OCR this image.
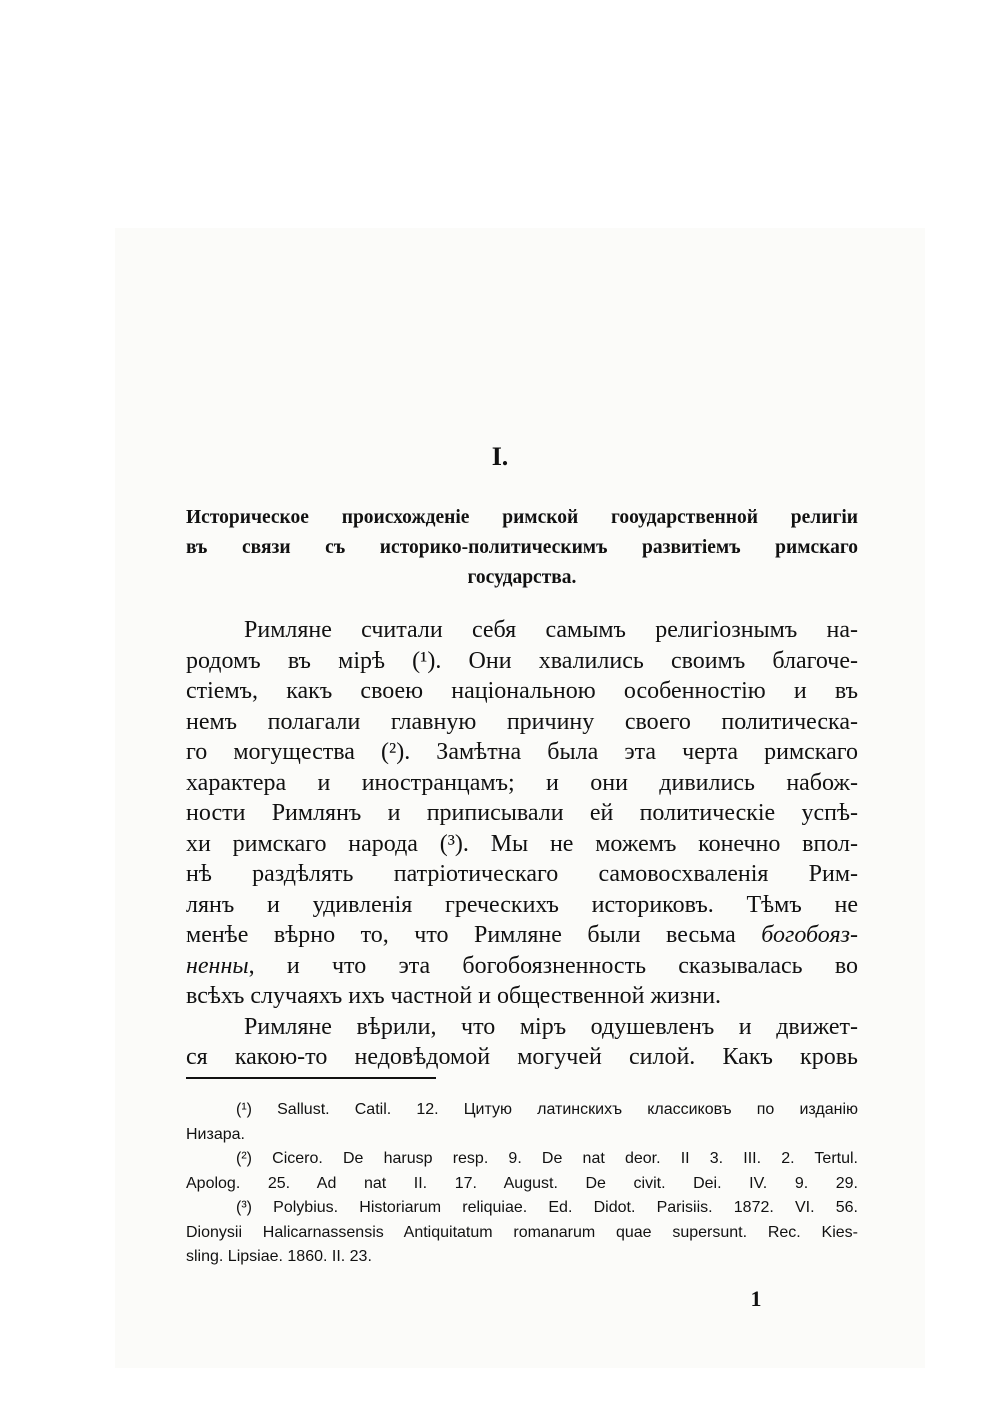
I.
Историческое происхожденіе римской гооударственной религіи
въ связи съ историко-политическимъ развитіемъ римскаго
государства.
Римляне считали себя самымъ религіознымъ на-
родомъ въ мірѣ (¹). Они хвалились своимъ благочe-
стіемъ, какъ своею національною особенностію и въ
немъ полагали главную причину своего политическа-
го могущества (²). Замѣтна была эта черта римскаго
характера и иностранцамъ; и они дивились набож-
ности Римлянъ и приписывали ей политическіе успѣ-
хи римскаго народа (³). Мы не можемъ конечно впол-
нѣ раздѣлять патріотическаго самовосхваленія Рим-
лянъ и удивленія греческихъ историковъ. Тѣмъ не
менѣе вѣрно то, что Римляне были весьма богобояз-
ненны, и что эта богобоязненность сказывалась во
всѣхъ случаяхъ ихъ частной и общественной жизни.
Римляне вѣрили, что міръ одушевленъ и движет-
ся какою-то недовѣдомой могучей силой. Какъ кровь
(¹) Sallust. Catil. 12. Цитую латинскихъ классиковъ по изданію
Низара.
(²) Cicero. De harusp resp. 9. De nat deor. II 3. III. 2. Tertul.
Apolog. 25. Ad nat II. 17. August. De civit. Dei. IV. 9. 29.
(³) Polybius. Historiarum reliquiae. Ed. Didot. Parisiis. 1872. VI. 56.
Dionysii Halicarnassensis Antiquitatum romanarum quae supersunt. Rec. Kies-
sling. Lipsiae. 1860. II. 23.
1
